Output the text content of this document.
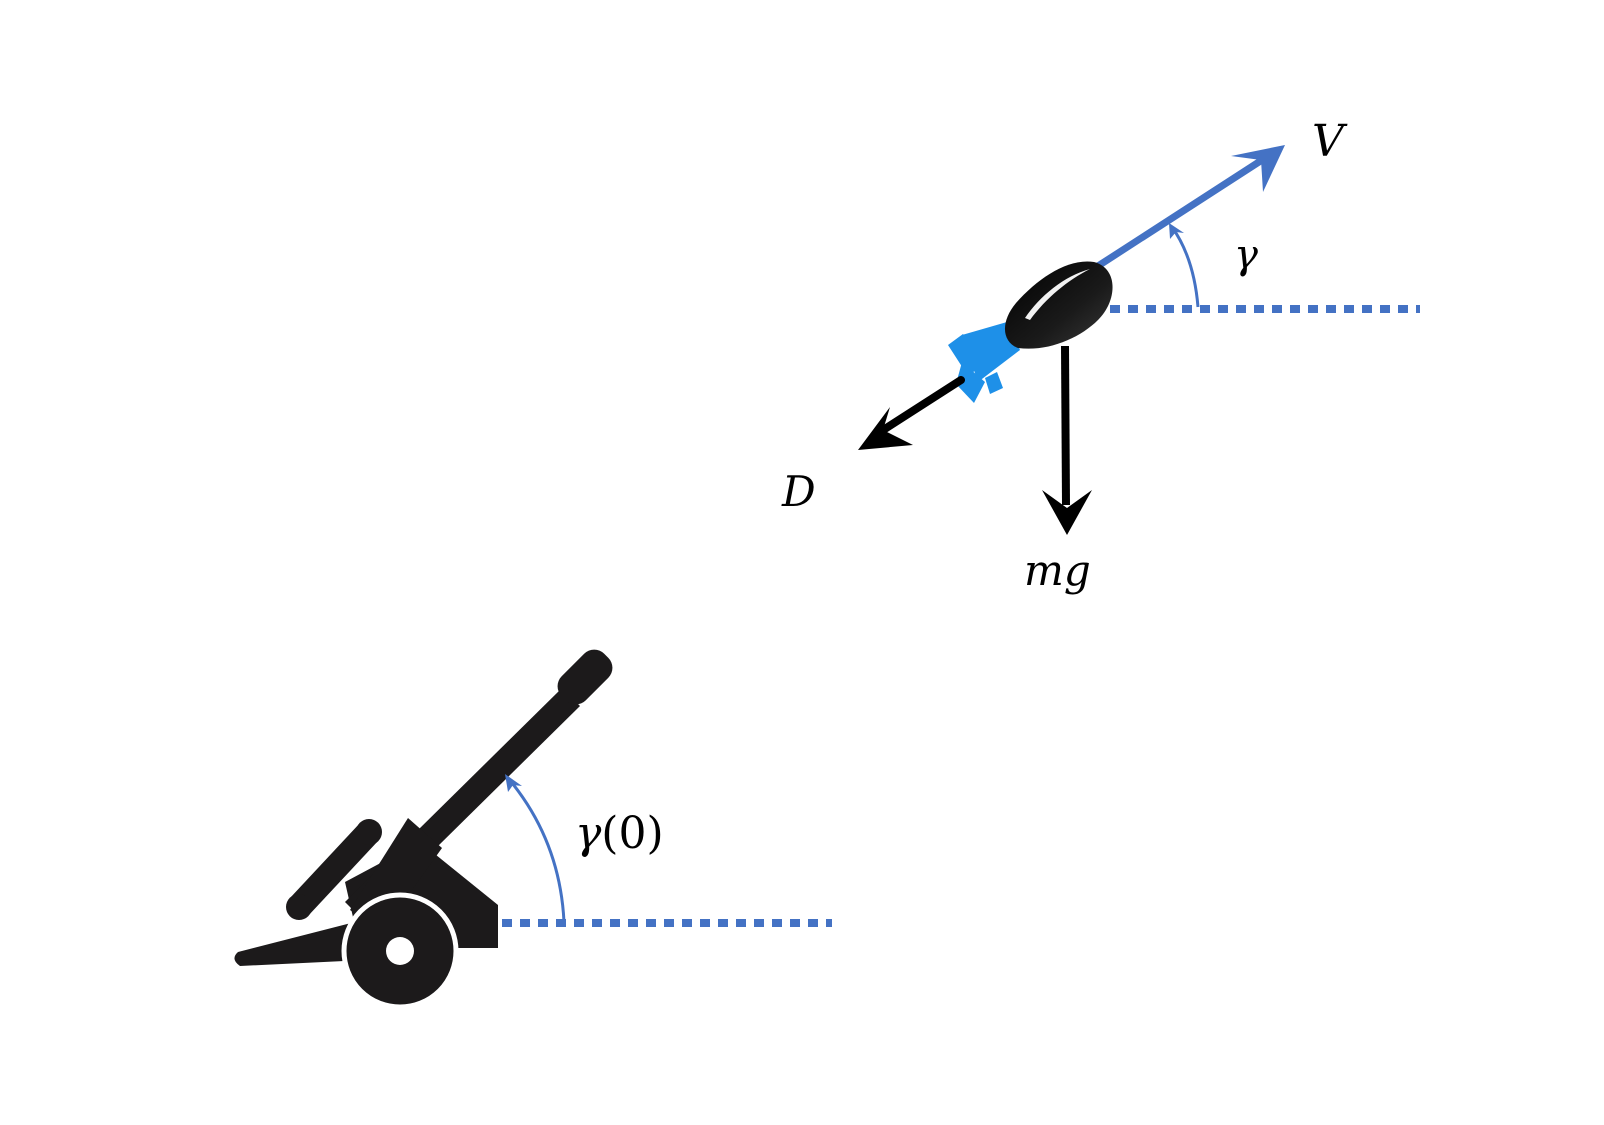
V
γ
D
mg
γ(0)
